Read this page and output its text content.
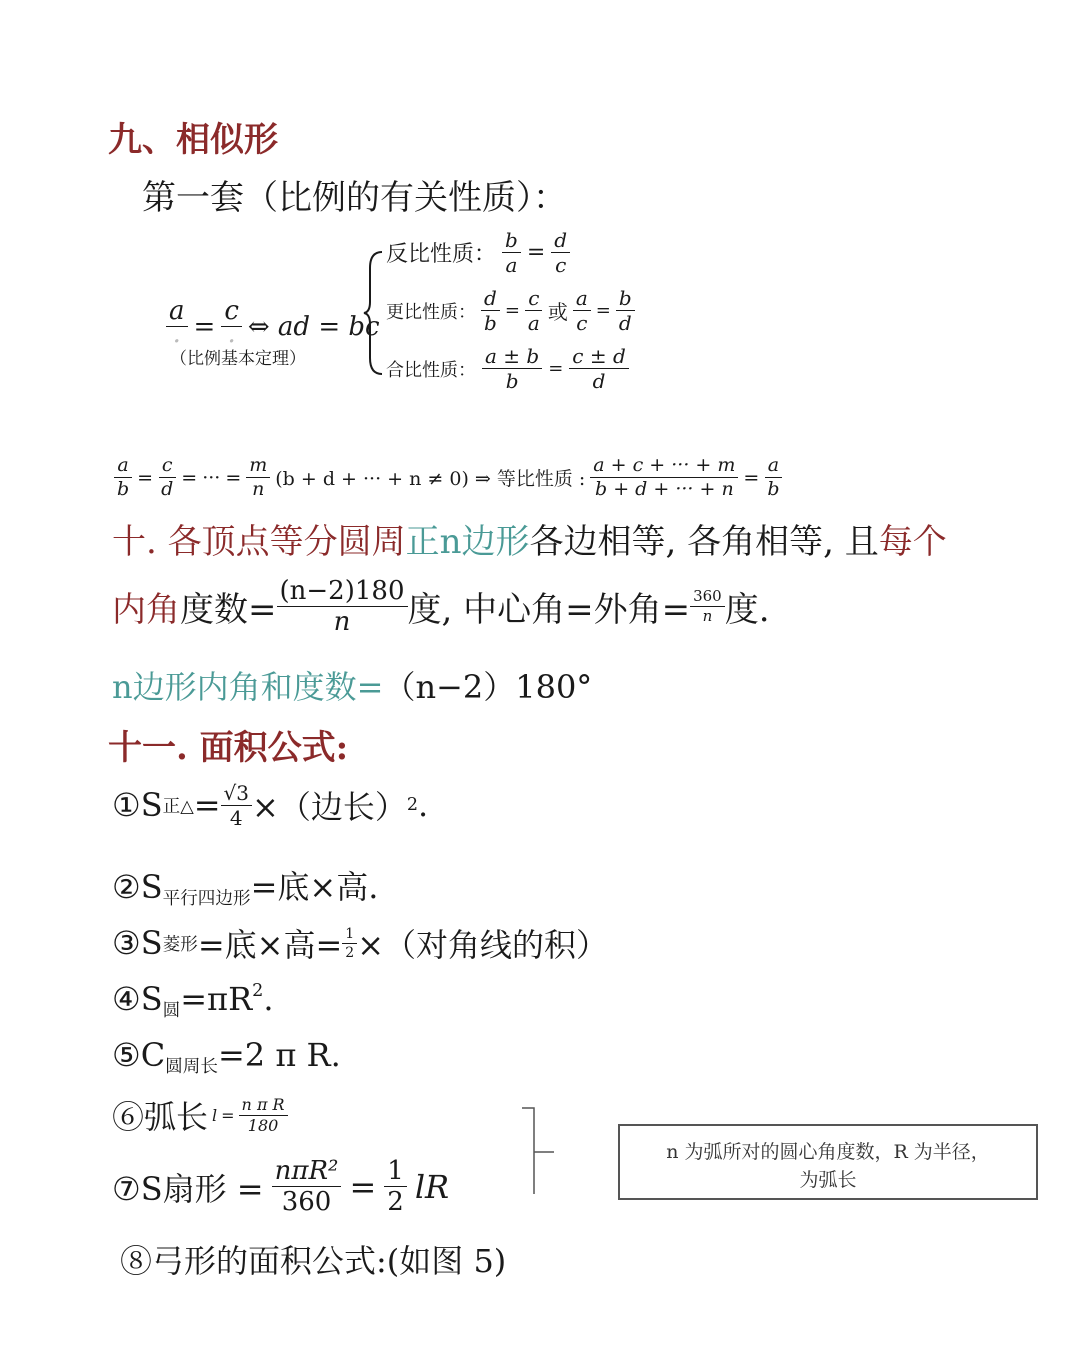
九、相似形
第一套（比例的有关性质）：
$\frac{a}{\cdot} = \frac{c}{\cdot}$ ⇔ ad = bc
（比例基本定理）
反比性质： $\frac{b}{a} = \frac{d}{c}$
更比性质： $\frac{d}{b} = \frac{c}{a}$ 或 $\frac{a}{c} = \frac{b}{d}$
合比性质： $\frac{a \pm b}{b} = \frac{c \pm d}{d}$
$\frac{a}{b} = \frac{c}{d}$ = ··· = $\frac{m}{n} (b + d$ + ··· + n ≠ 0) ⇒ 等比性质 : $\frac{a + c + \cdot\cdot\cdot + m}{b + d + \cdot\cdot\cdot + n} = \frac{a}{b}$
十. 各顶点等分圆周正n边形各边相等, 各角相等, 且每个
内角 度数= $\frac{(n-2)180}{n}$ 度, 中心角=外角= $\frac{360}{n}$ 度.
n边形内角和度数=（n−2）180°
十一. 面积公式:
①S 正△ = $\frac{√3}{4}$ ×（边长） 2 .
$②S_{平行四边形}=$底×高.
③S 菱形 =底×高= $\frac{1}{2}$ ×（对角线的积）
$④S_圆=\pi R^2$.
$⑤C_{圆周长}=2$ π R.
⑥弧长 $l = \frac{\text{n π R}}{180}$
⑦S扇形 = $\frac{\text{nπR²}}{360} = \frac{1}{2}$ lR
n 为弧所对的圆心角度数，R 为半径，
为弧长
⑧弓形的面积公式:(如图 5)
